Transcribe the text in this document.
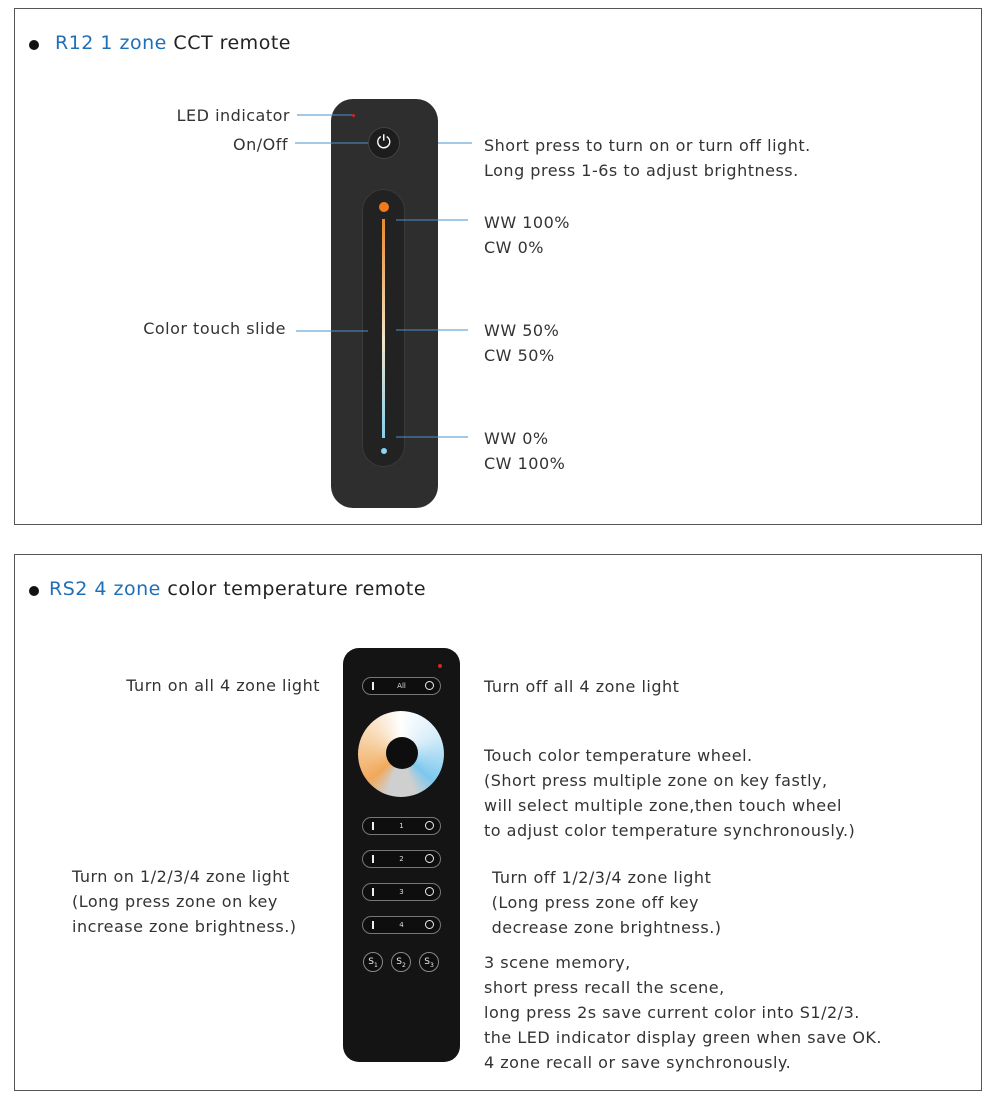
R12 1 zone CCT remote
⏻
LED indicator
On/Off
Color touch slide
Short press to turn on or turn off light.
Long press 1-6s to adjust brightness.
WW 100%
CW 0%
WW 50%
CW 50%
WW 0%
CW 100%
RS2 4 zone color temperature remote
All
1
2
3
4
$S_1$	$S_2$	$S_3$
Turn on all 4 zone light	Turn off all 4 zone light
Touch color temperature wheel.
(Short press multiple zone on key fastly,
will select multiple zone,then touch wheel
to adjust color temperature synchronously.)
Turn on 1/2/3/4 zone light
(Long press zone on key
increase zone brightness.)
Turn off 1/2/3/4 zone light
(Long press zone off key
decrease zone brightness.)
3 scene memory,
short press recall the scene,
long press 2s save current color into S1/2/3.
the LED indicator display green when save OK.
4 zone recall or save synchronously.
